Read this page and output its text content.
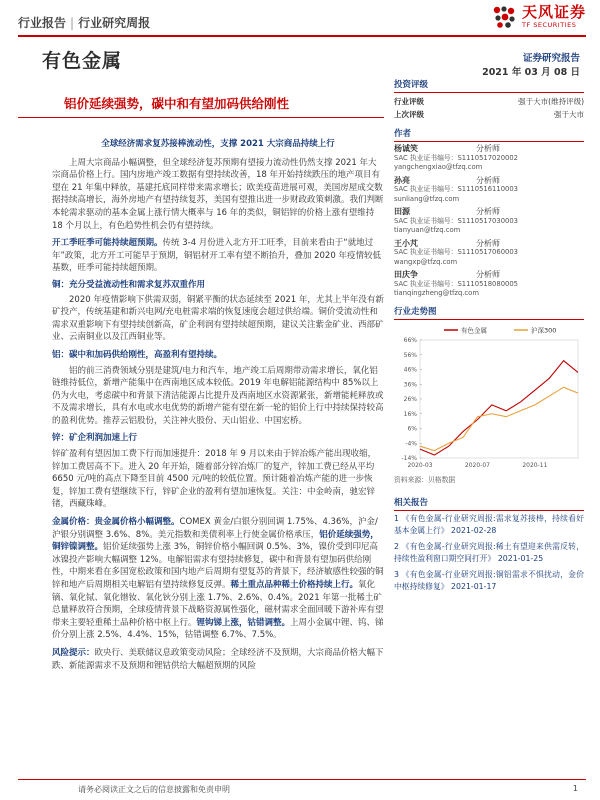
行业报告 | 行业研究周报
天风证券
TF SECURITIES
有色金属	证券研究报告
2021 年 03 月 08 日
铝价延续强势，碳中和有望加码供给刚性

全球经济需求复苏接棒流动性，支撑 2021 大宗商品持续上行

上周大宗商品小幅调整，但全球经济复苏预期有望接力流动性仍然支撑 2021 年大宗商品价格上行。国内房地产竣工数据有望持续改善，18 年开始持续跌压的地产项目有望在 21 年集中释放，基建托底同样带来需求增长；欧美疫苗进展可观，美国房屋成交数据持续高增长，海外房地产有望持续复苏，美国有望推出进一步财政政策刺激。我们判断本轮需求驱动的基本金属上涨行情大概率与 16 年的类似，铜铝锌的价格上涨有望维持 18 个月以上，有色趋势性机会仍有望持续。

开工季旺季可能持续超预期。传统 3-4 月份进入北方开工旺季，目前来看由于“就地过年”政策，北方开工可能早于预期，铜铝材开工率有望不断抬升，叠加 2020 年疫情较低基数，旺季可能持续超预期。

铜：充分受益流动性和需求复苏双重作用

2020 年疫情影响下供需双弱，铜紧平衡的状态延续至 2021 年，尤其上半年没有新矿投产，传统基建和新兴电网/充电桩需求端的恢复速度会超过供给端。铜价受流动性和需求双重影响下有望持续创新高，矿企利润有望持续超预期，建议关注紫金矿业、西部矿业、云南铜业以及江西铜业等。

铝：碳中和加码供给刚性，高盈利有望持续。

铝的前三消费领域分别是建筑/电力和汽车，地产竣工后周期带动需求增长，氧化铝链维持低位，新增产能集中在西南地区成本较低。2019 年电解铝能源结构中 85%以上仍为火电，考虑碳中和背景下清洁能源占比提升及西南地区水资源紧张，新增能耗释放或不及需求增长，具有水电或水电优势的新增产能有望在新一轮的铝价上行中持续保持较高的盈利优势。推荐云铝股份，关注神火股份、天山铝业、中国宏桥。

锌：矿企利润加速上行

锌矿盈利有望因加工费下行而加速提升：2018 年 9 月以来由于锌冶炼产能出现收缩，锌加工费居高不下。进入 20 年开始，随着部分锌冶炼厂的复产，锌加工费已经从平均 6650 元/吨的高点下降至目前 4500 元/吨的较低位置。预计随着冶炼产能的进一步恢复，锌加工费有望继续下行，锌矿企业的盈利有望加速恢复。关注：中金岭南，驰宏锌锗，西藏珠峰。

金属价格：贵金属价格小幅调整。COMEX 黄金/白银分别回调 1.75%、4.36%，沪金/沪银分别调整 3.6%、8%。美元指数和美债利率上行使金属价格承压，铝价延续强势，铜锌镍调整。铝价延续强势上涨 3%，铜锌价格小幅回调 0.5%、3%，镍价受到印尼高冰镍投产影响大幅调整 12%。电解铝需求有望持续修复，碳中和背景有望加码供给刚性，中期来看在多国宽松政策和国内地产后周期有望复苏的背景下，经济敏感性较强的铜锌和地产后周期相关电解铝有望持续修复反弹。稀土重点品种稀土价格持续上行。氧化镝、氧化铽、氧化镨钕、氧化钬分别上涨 1.7%、2.6%、0.4%。2021 年第一批稀土矿总量释放符合预期，全球疫情背景下战略资源属性强化，磁材需求全面回暖下游补库有望带来主要轻重稀土品种价格中枢上行。锂钩锑上涨，钴错调整。上周小金属中锂、钨、锑价分别上涨 2.5%、4.4%、15%，钴错调整 6.7%、7.5%。

风险提示：欧央行、美联储议息政策变动风险；全球经济不及预期，大宗商品价格大幅下跌、新能源需求不及预期和锂钴供给大幅超预期的风险

投资评级
行业评级	强于大市(维持评级)
上次评级	强于大市
作者
杨诚笑	分析师
SAC 执业证书编号：S1110517020002
yangchengxiao@tfzq.com
孙亮	分析师
SAC 执业证书编号：S1110516110003
sunliang@tfzq.com
田源	分析师
SAC 执业证书编号：S1110517030003
tianyuan@tfzq.com
王小芃	分析师
SAC 执业证书编号：S1110517060003
wangxp@tfzq.com
田庆争	分析师
SAC 执业证书编号：S1110518080005
tianqingzheng@tfzq.com
行业走势图
-14%
-4%
6%
16%
26%
36%
46%
56%
66%
2020-03	2020-07	2020-11
有色金属	沪深300
资料来源：贝格数据
相关报告
1 《有色金属-行业研究周报:需求复苏接棒，持续看好基本金属上行》 2021-02-28
2 《有色金属-行业研究周报:稀土有望迎来供需反转，持续性盈利窗口期空间打开》 2021-01-25
3 《有色金属-行业研究周报:铜铝需求不惧扰动，金价中枢持续修复》 2021-01-17
请务必阅读正文之后的信息披露和免责申明	1
